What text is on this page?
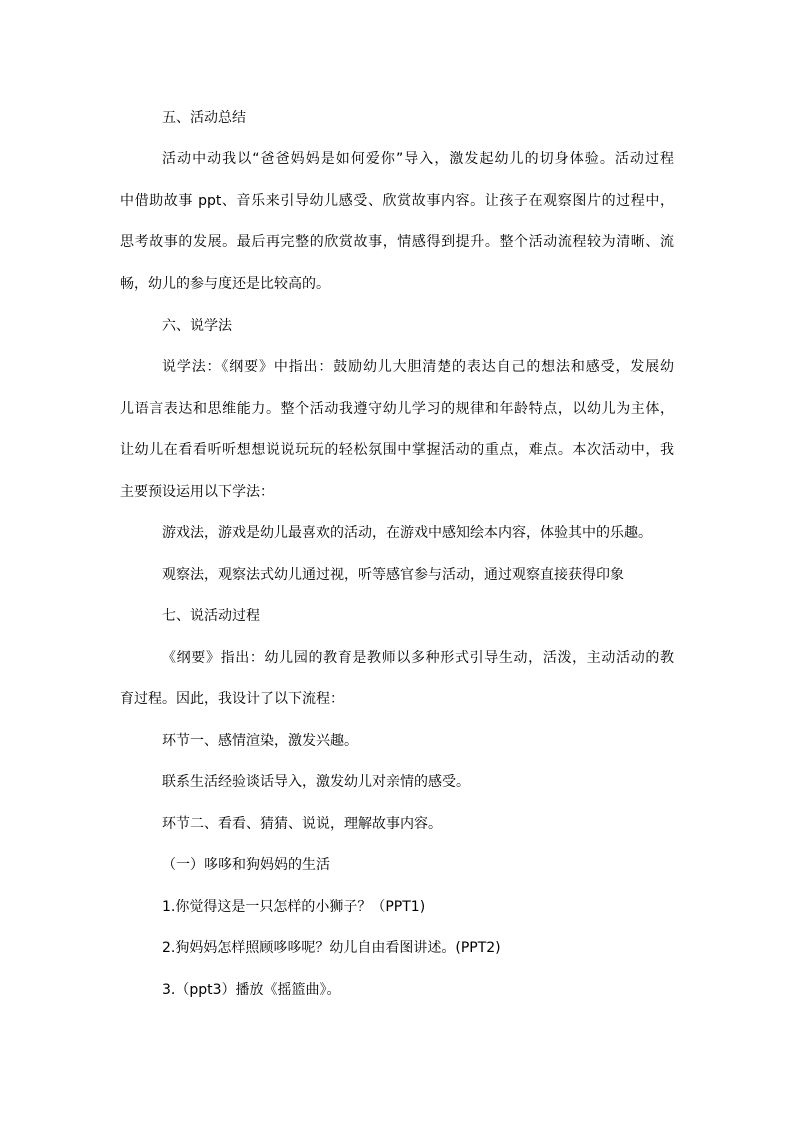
五、活动总结
活动中动我以“爸爸妈妈是如何爱你”导入，激发起幼儿的切身体验。活动过程
中借助故事 ppt、音乐来引导幼儿感受、欣赏故事内容。让孩子在观察图片的过程中，
思考故事的发展。最后再完整的欣赏故事，情感得到提升。整个活动流程较为清晰、流
畅，幼儿的参与度还是比较高的。
六、说学法
说学法：《纲要》中指出：鼓励幼儿大胆清楚的表达自己的想法和感受，发展幼
儿语言表达和思维能力。整个活动我遵守幼儿学习的规律和年龄特点，以幼儿为主体，
让幼儿在看看听听想想说说玩玩的轻松氛围中掌握活动的重点，难点。本次活动中，我
主要预设运用以下学法：
游戏法，游戏是幼儿最喜欢的活动，在游戏中感知绘本内容，体验其中的乐趣。
观察法，观察法式幼儿通过视，听等感官参与活动，通过观察直接获得印象
七、说活动过程
《纲要》指出：幼儿园的教育是教师以多种形式引导生动，活泼，主动活动的教
育过程。因此，我设计了以下流程：
环节一、感情渲染，激发兴趣。
联系生活经验谈话导入，激发幼儿对亲情的感受。
环节二、看看、猜猜、说说，理解故事内容。
（一）哆哆和狗妈妈的生活
1.你觉得这是一只怎样的小狮子？（PPT1)
2.狗妈妈怎样照顾哆哆呢？幼儿自由看图讲述。(PPT2)
3.（ppt3）播放《摇篮曲》。
